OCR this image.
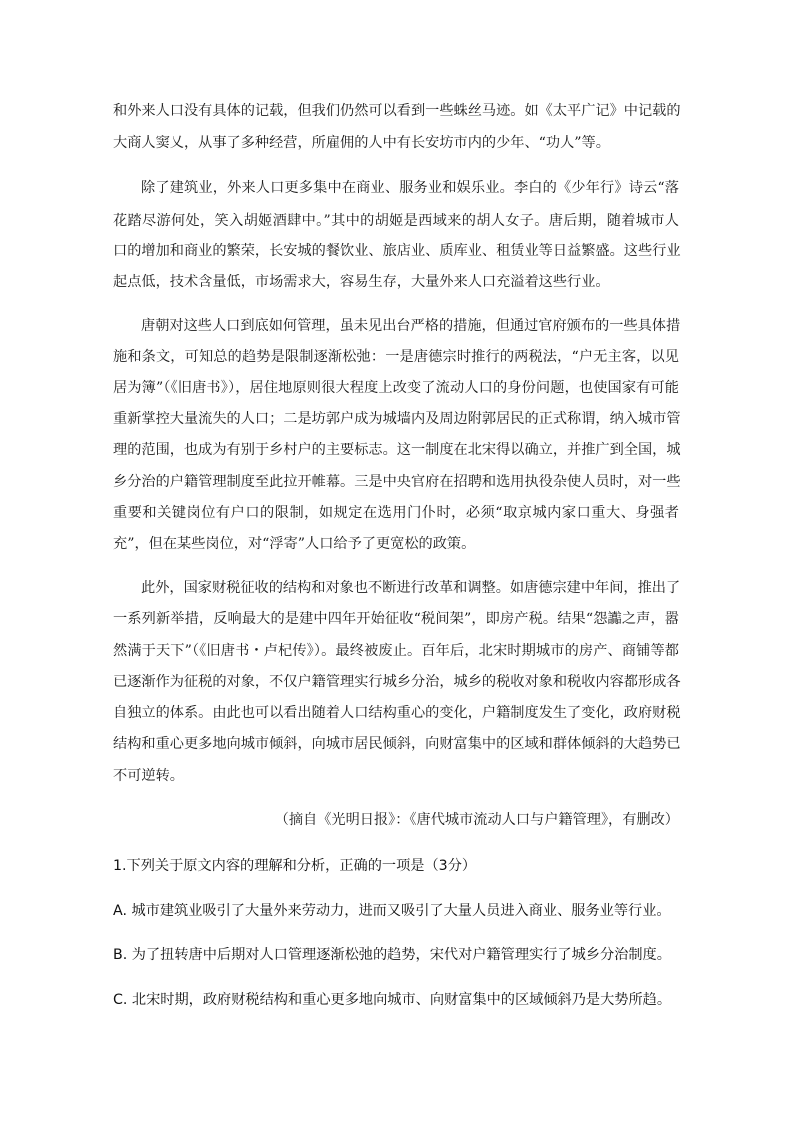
和外来人口没有具体的记载，但我们仍然可以看到一些蛛丝马迹。如《太平广记》中记载的
大商人窦乂，从事了多种经营，所雇佣的人中有长安坊市内的少年、“功人”等。
除了建筑业，外来人口更多集中在商业、服务业和娱乐业。李白的《少年行》诗云“落
花踏尽游何处，笑入胡姬酒肆中。”其中的胡姬是西域来的胡人女子。唐后期，随着城市人
口的增加和商业的繁荣，长安城的餐饮业、旅店业、质库业、租赁业等日益繁盛。这些行业
起点低，技术含量低，市场需求大，容易生存，大量外来人口充溢着这些行业。
唐朝对这些人口到底如何管理，虽未见出台严格的措施，但通过官府颁布的一些具体措
施和条文，可知总的趋势是限制逐渐松弛：一是唐德宗时推行的两税法，“户无主客，以见
居为簿”（《旧唐书》），居住地原则很大程度上改变了流动人口的身份问题，也使国家有可能
重新掌控大量流失的人口；二是坊郭户成为城墙内及周边附郭居民的正式称谓，纳入城市管
理的范围，也成为有别于乡村户的主要标志。这一制度在北宋得以确立，并推广到全国，城
乡分治的户籍管理制度至此拉开帷幕。三是中央官府在招聘和选用执役杂使人员时，对一些
重要和关键岗位有户口的限制，如规定在选用门仆时，必须“取京城内家口重大、身强者
充”，但在某些岗位，对“浮寄”人口给予了更宽松的政策。
此外，国家财税征收的结构和对象也不断进行改革和调整。如唐德宗建中年间，推出了
一系列新举措，反响最大的是建中四年开始征收“税间架”，即房产税。结果“怨讟之声，嚣
然满于天下”（《旧唐书・卢杞传》）。最终被废止。百年后，北宋时期城市的房产、商铺等都
已逐渐作为征税的对象，不仅户籍管理实行城乡分治，城乡的税收对象和税收内容都形成各
自独立的体系。由此也可以看出随着人口结构重心的变化，户籍制度发生了变化，政府财税
结构和重心更多地向城市倾斜，向城市居民倾斜，向财富集中的区域和群体倾斜的大趋势已
不可逆转。
（摘自《光明日报》：《唐代城市流动人口与户籍管理》，有删改）
1.下列关于原文内容的理解和分析，正确的一项是（3分）
A. 城市建筑业吸引了大量外来劳动力，进而又吸引了大量人员进入商业、服务业等行业。
B. 为了扭转唐中后期对人口管理逐渐松弛的趋势，宋代对户籍管理实行了城乡分治制度。
C. 北宋时期，政府财税结构和重心更多地向城市、向财富集中的区域倾斜乃是大势所趋。
